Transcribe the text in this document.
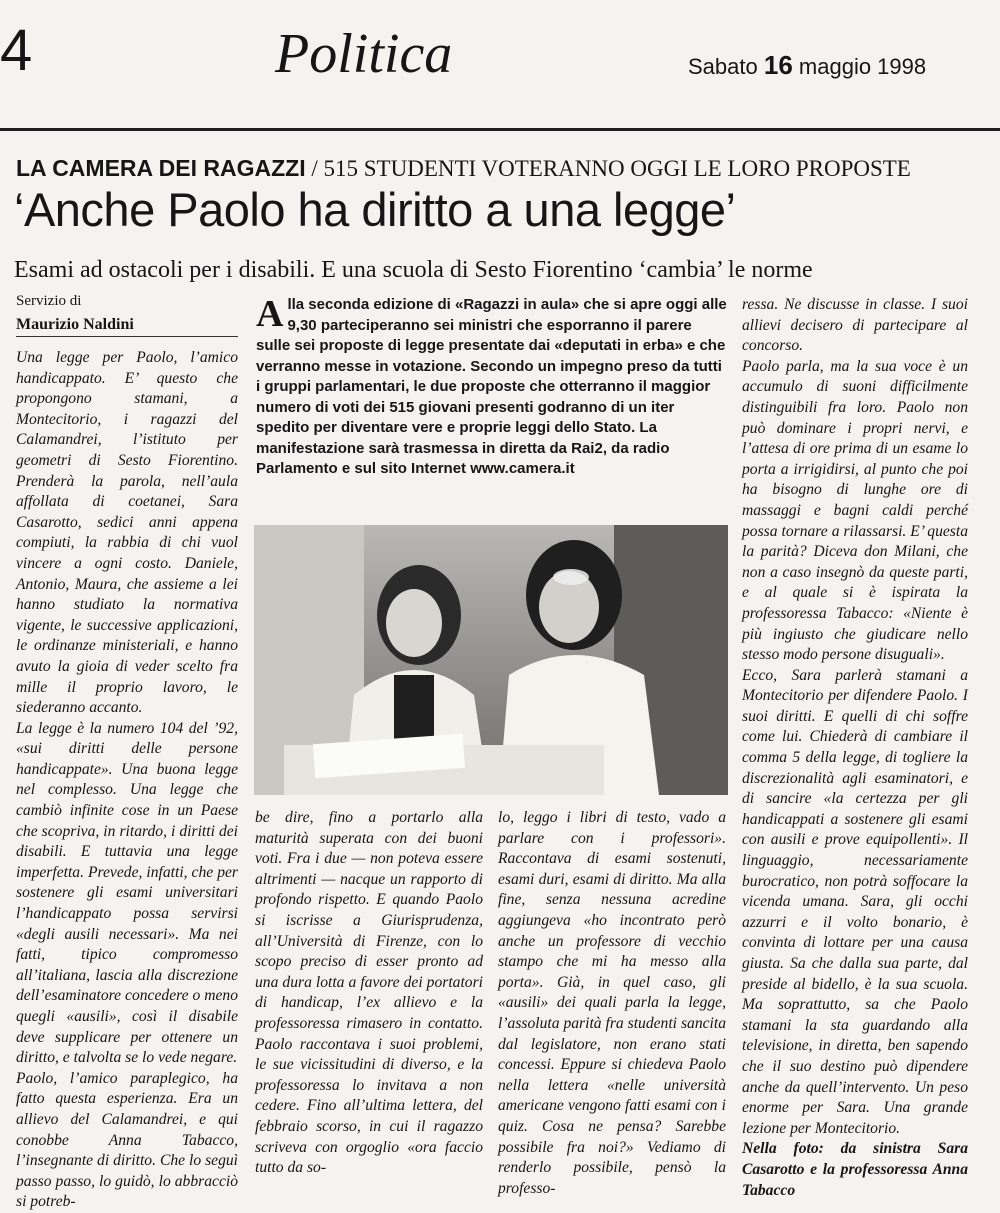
4	Politica	Sabato 16 maggio 1998
LA CAMERA DEI RAGAZZI / 515 STUDENTI VOTERANNO OGGI LE LORO PROPOSTE
‘Anche Paolo ha diritto a una legge’
Esami ad ostacoli per i disabili. E una scuola di Sesto Fiorentino ‘cambia’ le norme
Servizio di
Maurizio Naldini

Una legge per Paolo, l’amico handicappato. E’ questo che propongono stamani, a Montecitorio, i ragazzi del Calamandrei, l’istituto per geometri di Sesto Fiorentino. Prenderà la parola, nell’aula affollata di coetanei, Sara Casarotto, sedici anni appena compiuti, la rabbia di chi vuol vincere a ogni costo. Daniele, Antonio, Maura, che assieme a lei hanno studiato la normativa vigente, le successive applicazioni, le ordinanze ministeriali, e hanno avuto la gioia di veder scelto fra mille il proprio lavoro, le siederanno accanto.

La legge è la numero 104 del ’92, «sui diritti delle persone handicappate». Una buona legge nel complesso. Una legge che cambiò infinite cose in un Paese che scopriva, in ritardo, i diritti dei disabili. E tuttavia una legge imperfetta. Prevede, infatti, che per sostenere gli esami universitari l’handicappato possa servirsi «degli ausili necessari». Ma nei fatti, tipico compromesso all’italiana, lascia alla discrezione dell’esaminatore concedere o meno quegli «ausili», così il disabile deve supplicare per ottenere un diritto, e talvolta se lo vede negare.

Paolo, l’amico paraplegico, ha fatto questa esperienza. Era un allievo del Calamandrei, e qui conobbe Anna Tabacco, l’insegnante di diritto. Che lo seguì passo passo, lo guidò, lo abbracciò si potreb-

Alla seconda edizione di «Ragazzi in aula» che si apre oggi alle 9,30 parteciperanno sei ministri che esporranno il parere sulle sei proposte di legge presentate dai «deputati in erba» e che verranno messe in votazione. Secondo un impegno preso da tutti i gruppi parlamentari, le due proposte che otterranno il maggior numero di voti dei 515 giovani presenti godranno di un iter spedito per diventare vere e proprie leggi dello Stato. La manifestazione sarà trasmessa in diretta da Rai2, da radio Parlamento e sul sito Internet www.camera.it

be dire, fino a portarlo alla maturità superata con dei buoni voti. Fra i due — non poteva essere altrimenti — nacque un rapporto di profondo rispetto. E quando Paolo si iscrisse a Giurisprudenza, all’Università di Firenze, con lo scopo preciso di esser pronto ad una dura lotta a favore dei portatori di handicap, l’ex allievo e la professoressa rimasero in contatto. Paolo raccontava i suoi problemi, le sue vicissitudini di diverso, e la professoressa lo invitava a non cedere. Fino all’ultima lettera, del febbraio scorso, in cui il ragazzo scriveva con orgoglio «ora faccio tutto da so-

lo, leggo i libri di testo, vado a parlare con i professori». Raccontava di esami sostenuti, esami duri, esami di diritto. Ma alla fine, senza nessuna acredine aggiungeva «ho incontrato però anche un professore di vecchio stampo che mi ha messo alla porta». Già, in quel caso, gli «ausili» dei quali parla la legge, l’assoluta parità fra studenti sancita dal legislatore, non erano stati concessi. Eppure si chiedeva Paolo nella lettera «nelle università americane vengono fatti esami con i quiz. Cosa ne pensa? Sarebbe possibile fra noi?» Vediamo di renderlo possibile, pensò la professo-

ressa. Ne discusse in classe. I suoi allievi decisero di partecipare al concorso.

Paolo parla, ma la sua voce è un accumulo di suoni difficilmente distinguibili fra loro. Paolo non può dominare i propri nervi, e l’attesa di ore prima di un esame lo porta a irrigidirsi, al punto che poi ha bisogno di lunghe ore di massaggi e bagni caldi perché possa tornare a rilassarsi. E’ questa la parità? Diceva don Milani, che non a caso insegnò da queste parti, e al quale si è ispirata la professoressa Tabacco: «Niente è più ingiusto che giudicare nello stesso modo persone disuguali».

Ecco, Sara parlerà stamani a Montecitorio per difendere Paolo. I suoi diritti. E quelli di chi soffre come lui. Chiederà di cambiare il comma 5 della legge, di togliere la discrezionalità agli esaminatori, e di sancire «la certezza per gli handicappati a sostenere gli esami con ausili e prove equipollenti». Il linguaggio, necessariamente burocratico, non potrà soffocare la vicenda umana. Sara, gli occhi azzurri e il volto bonario, è convinta di lottare per una causa giusta. Sa che dalla sua parte, dal preside al bidello, è la sua scuola. Ma soprattutto, sa che Paolo stamani la sta guardando alla televisione, in diretta, ben sapendo che il suo destino può dipendere anche da quell’intervento. Un peso enorme per Sara. Una grande lezione per Montecitorio.

Nella foto: da sinistra Sara Casarotto e la professoressa Anna Tabacco
